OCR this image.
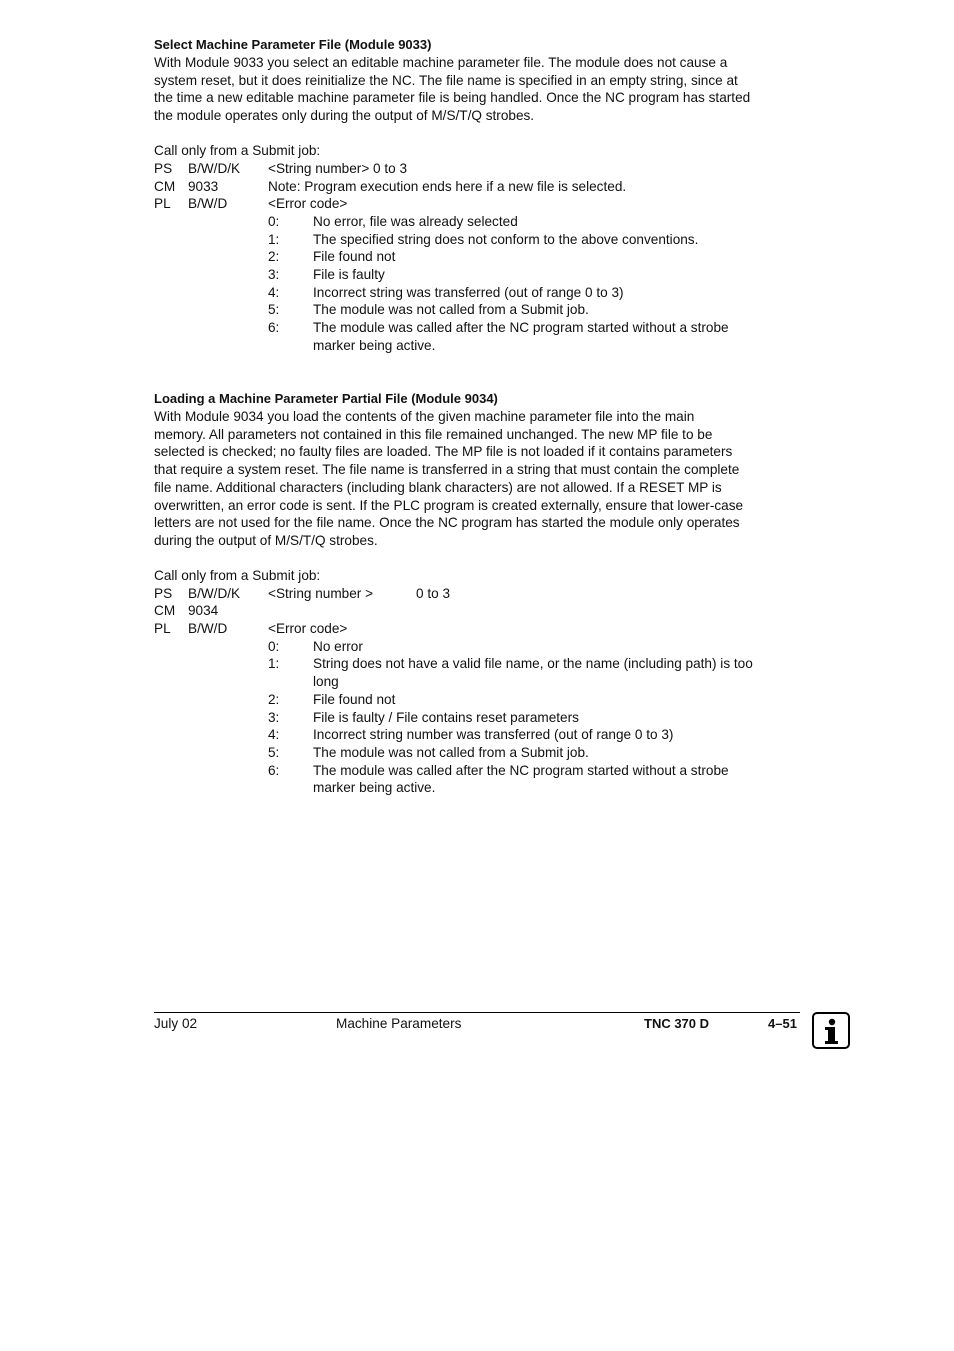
Select Machine Parameter File (Module 9033)
With Module 9033 you select an editable machine parameter file. The module does not cause a
system reset, but it does reinitialize the NC. The file name is specified in an empty string, since at
the time a new editable machine parameter file is being handled. Once the NC program has started
the module operates only during the output of M/S/T/Q strobes.
Call only from a Submit job:
PS B/W/D/K <String number> 0 to 3
CM 9033	Note: Program execution ends here if a new file is selected.
PL B/W/D	<Error code>
0: No error, file was already selected
1: The specified string does not conform to the above conventions.
2: File found not
3: File is faulty
4: Incorrect string was transferred (out of range 0 to 3)
5: The module was not called from a Submit job.
6: The module was called after the NC program started without a strobe
marker being active.
Loading a Machine Parameter Partial File (Module 9034)
With Module 9034 you load the contents of the given machine parameter file into the main
memory. All parameters not contained in this file remained unchanged. The new MP file to be
selected is checked; no faulty files are loaded. The MP file is not loaded if it contains parameters
that require a system reset. The file name is transferred in a string that must contain the complete
file name. Additional characters (including blank characters) are not allowed. If a RESET MP is
overwritten, an error code is sent. If the PLC program is created externally, ensure that lower-case
letters are not used for the file name. Once the NC program has started the module only operates
during the output of M/S/T/Q strobes.
Call only from a Submit job:
PS B/W/D/K <String number >	0 to 3
CM 9034
PL B/W/D	<Error code>
0: No error
1: String does not have a valid file name, or the name (including path) is too
long
2: File found not
3: File is faulty / File contains reset parameters
4: Incorrect string number was transferred (out of range 0 to 3)
5: The module was not called from a Submit job.
6: The module was called after the NC program started without a strobe
marker being active.
July 02	Machine Parameters	TNC 370 D	4–51
